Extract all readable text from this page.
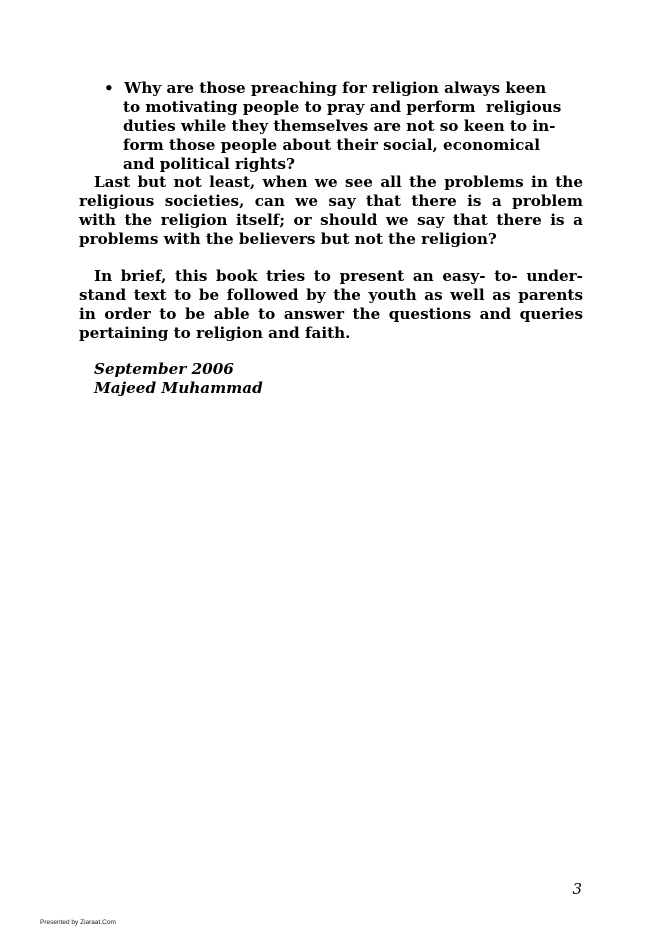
•  Why are those preaching for religion always keen
to motivating people to pray and perform  religious
duties while they themselves are not so keen to in-
form those people about their social, economical
and political rights?
Last but not least, when we see all the problems in the
religious societies, can we say that there is a problem
with the religion itself; or should we say that there is a
problems with the believers but not the religion?
In brief, this book tries to present an easy- to- under-
stand text to be followed by the youth as well as parents
in order to be able to answer the questions and queries
pertaining to religion and faith.
September 2006
Majeed Muhammad
3
Presented by Ziaraat.Com
